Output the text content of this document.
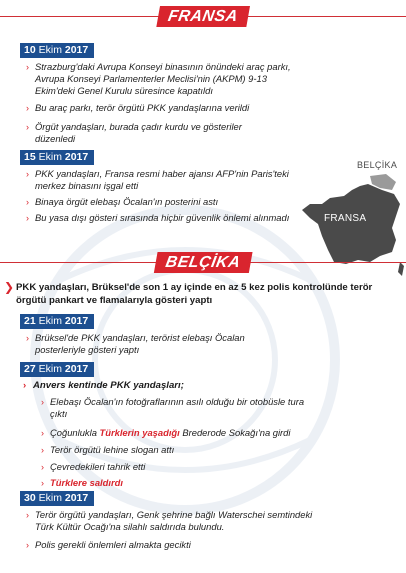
FRANSA
10 Ekim 2017
› Strazburg'daki Avrupa Konseyi binasının önündeki araç parkı, Avrupa Konseyi Parlamenterler Meclisi'nin (AKPM) 9-13 Ekim'deki Genel Kurulu süresince kapatıldı
› Bu araç parkı, terör örgütü PKK yandaşlarına verildi
› Örgüt yandaşları, burada çadır kurdu ve gösteriler düzenledi
15 Ekim 2017
› PKK yandaşları, Fransa resmi haber ajansı AFP'nin Paris'teki merkez binasını işgal etti
› Binaya örgüt elebaşı Öcalan'ın posterini astı
› Bu yasa dışı gösteri sırasında hiçbir güvenlik önlemi alınmadı
BELÇİKA
FRANSA
BELÇİKA
❯ PKK yandaşları, Brüksel'de son 1 ay içinde en az 5 kez polis kontrolünde terör örgütü pankart ve flamalarıyla gösteri yaptı
21 Ekim 2017
› Brüksel'de PKK yandaşları, terörist elebaşı Öcalan posterleriyle gösteri yaptı
27 Ekim 2017
› Anvers kentinde PKK yandaşları;
› Elebaşı Öcalan'ın fotoğraflarının asılı olduğu bir otobüsle tura çıktı
› Çoğunlukla Türklerin yaşadığı Brederode Sokağı'na girdi
› Terör örgütü lehine slogan attı
› Çevredekileri tahrik etti
› Türklere saldırdı
30 Ekim 2017
› Terör örgütü yandaşları, Genk şehrine bağlı Waterschei semtindeki Türk Kültür Ocağı'na silahlı saldırıda bulundu.
› Polis gerekli önlemleri almakta gecikti
